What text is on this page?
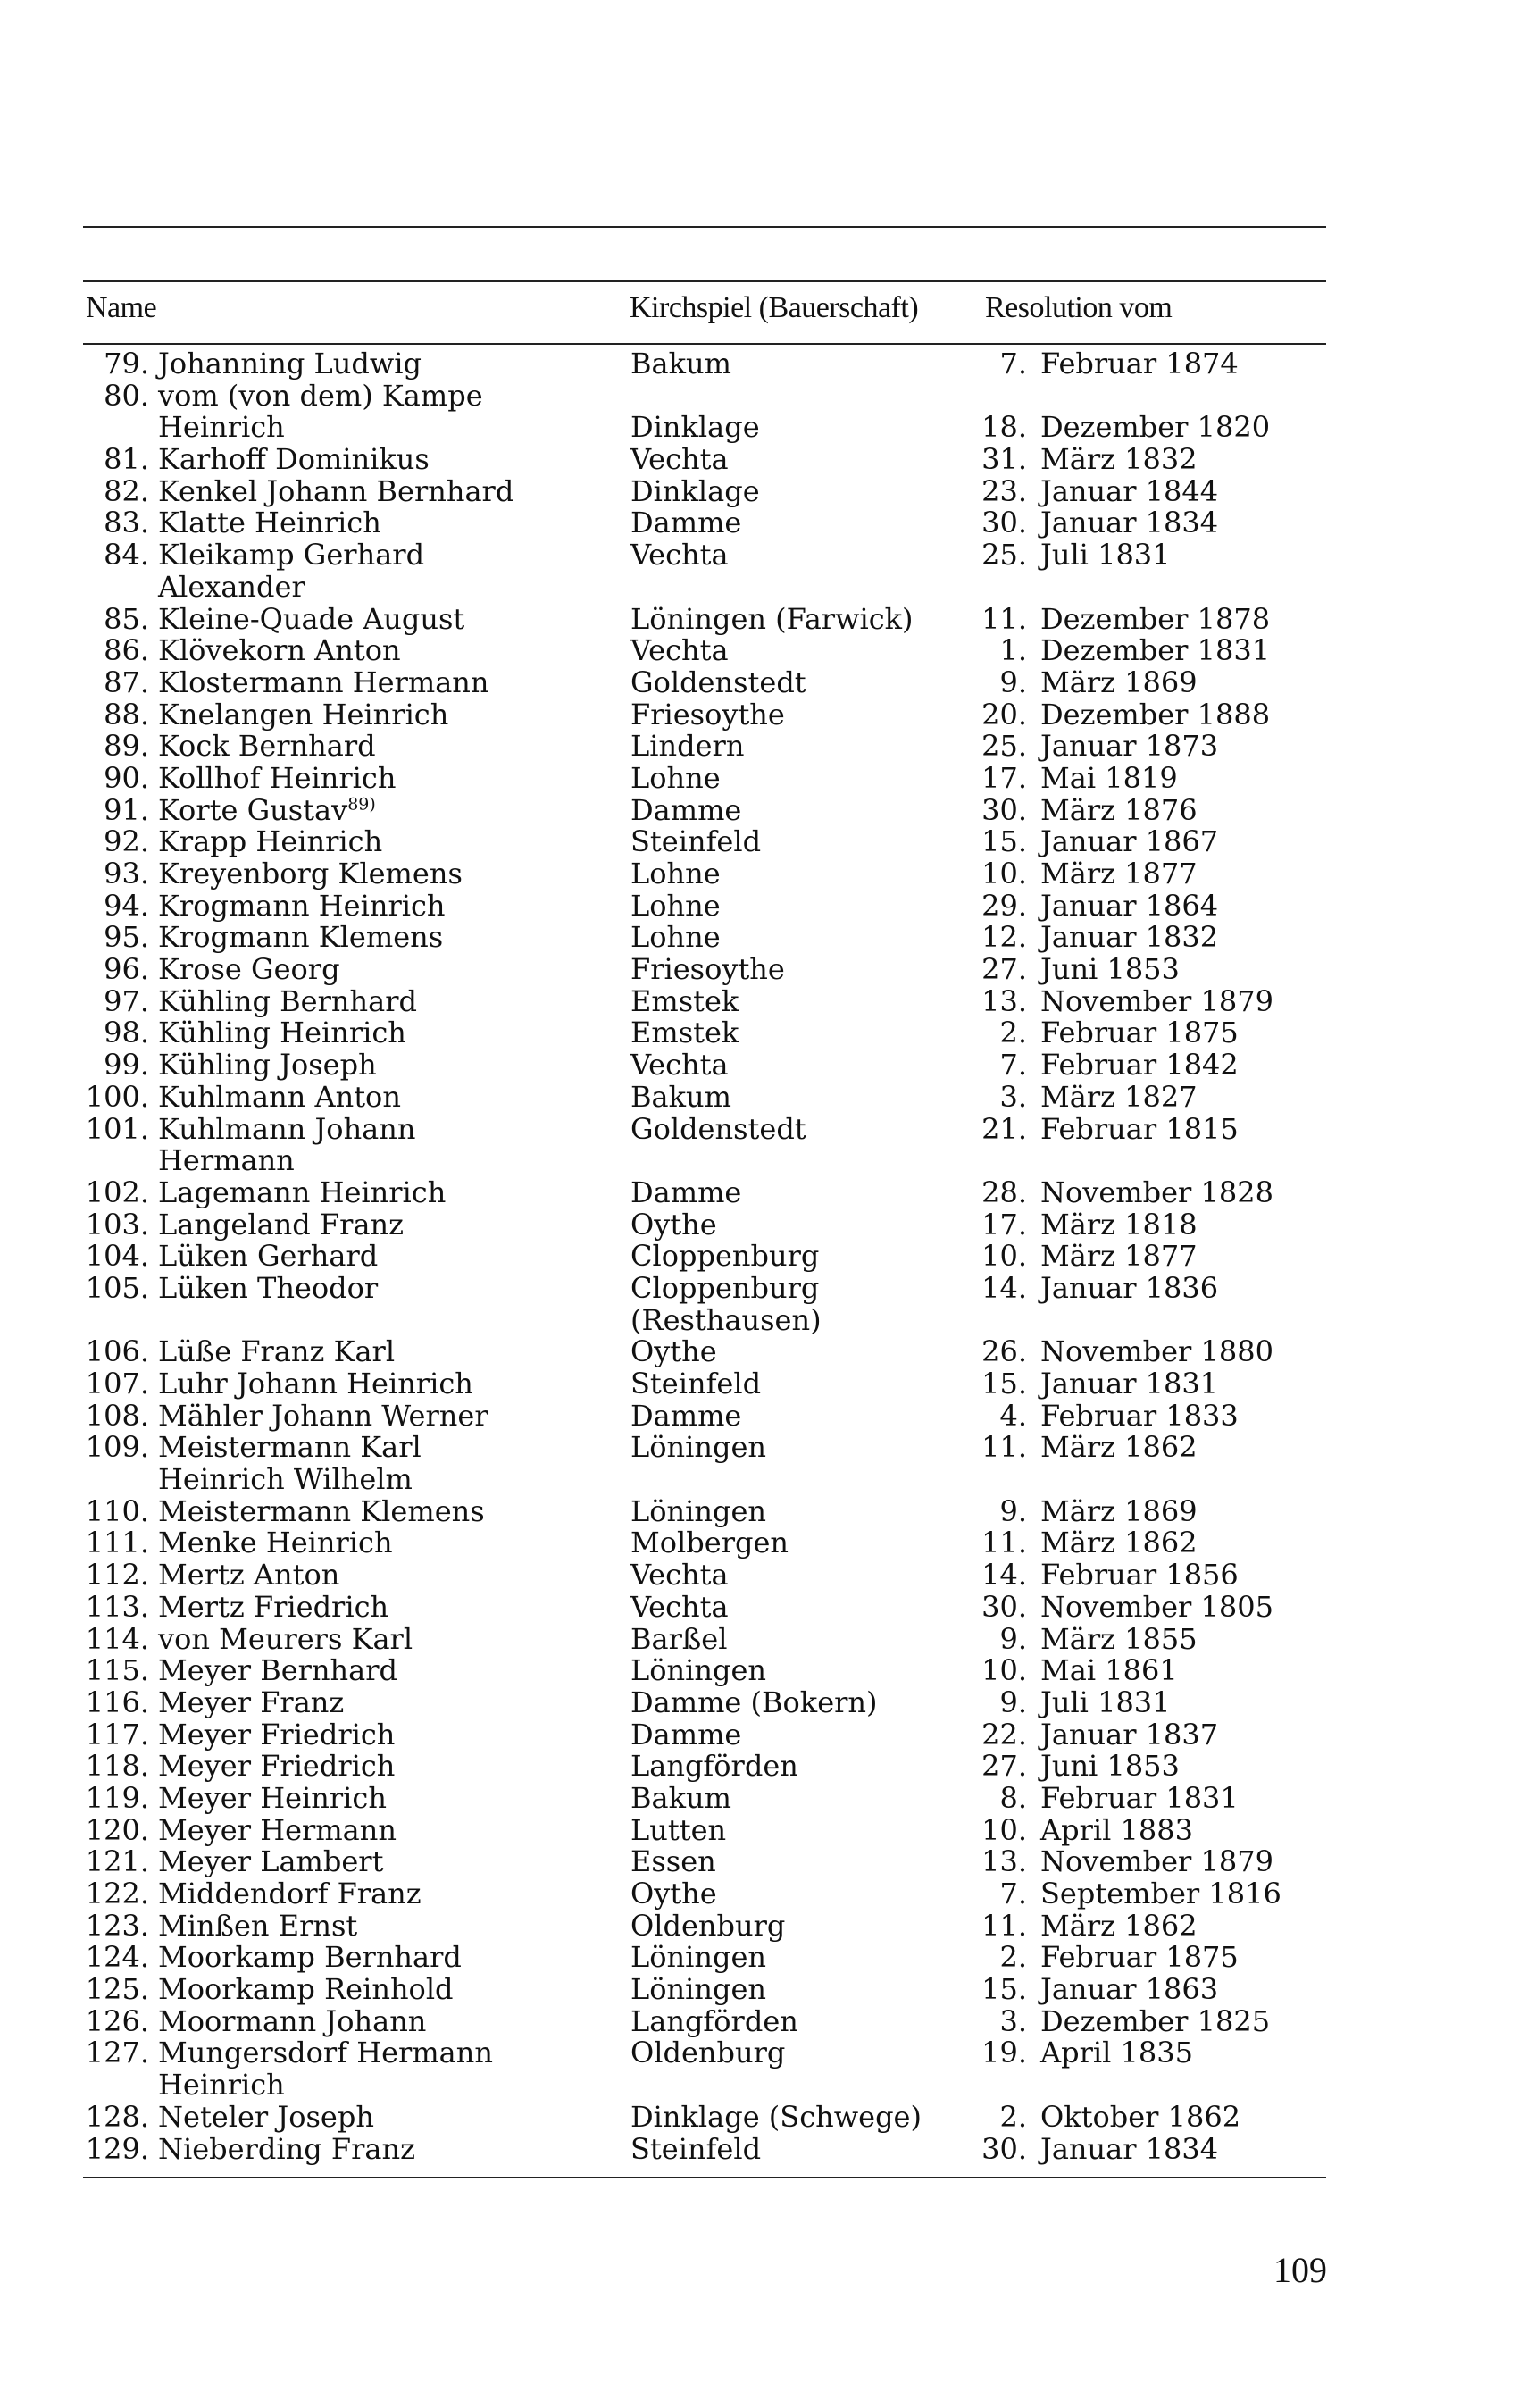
Name	Kirchspiel (Bauerschaft) Resolution vom
79. Johanning Ludwig	Bakum	7. Februar 1874
80. vom (von dem) Kampe
Heinrich	Dinklage	18. Dezember 1820
81. Karhoff Dominikus	Vechta	31. März 1832
82. Kenkel Johann Bernhard	Dinklage	23. Januar 1844
83. Klatte Heinrich	Damme	30. Januar 1834
84. Kleikamp Gerhard	Vechta	25. Juli 1831
Alexander
85. Kleine-Quade August	Löningen (Farwick) 11. Dezember 1878
86. Klövekorn Anton	Vechta	1. Dezember 1831
87. Klostermann Hermann	Goldenstedt	9. März 1869
88. Knelangen Heinrich	Friesoythe	20. Dezember 1888
89. Kock Bernhard	Lindern	25. Januar 1873
90. Kollhof Heinrich	Lohne	17. Mai 1819
91. Korte Gustav$^{89)}$	Damme	30. März 1876
92. Krapp Heinrich	Steinfeld	15. Januar 1867
93. Kreyenborg Klemens	Lohne	10. März 1877
94. Krogmann Heinrich	Lohne	29. Januar 1864
95. Krogmann Klemens	Lohne	12. Januar 1832
96. Krose Georg	Friesoythe	27. Juni 1853
97. Kühling Bernhard	Emstek	13. November 1879
98. Kühling Heinrich	Emstek	2. Februar 1875
99. Kühling Joseph	Vechta	7. Februar 1842
100. Kuhlmann Anton	Bakum	3. März 1827
101. Kuhlmann Johann	Goldenstedt	21. Februar 1815
Hermann
102. Lagemann Heinrich	Damme	28. November 1828
103. Langeland Franz	Oythe	17. März 1818
104. Lüken Gerhard	Cloppenburg	10. März 1877
105. Lüken Theodor	Cloppenburg	14. Januar 1836
(Resthausen)
106. Lüße Franz Karl	Oythe	26. November 1880
107. Luhr Johann Heinrich	Steinfeld	15. Januar 1831
108. Mähler Johann Werner	Damme	4. Februar 1833
109. Meistermann Karl	Löningen	11. März 1862
Heinrich Wilhelm
110. Meistermann Klemens	Löningen	9. März 1869
111. Menke Heinrich	Molbergen	11. März 1862
112. Mertz Anton	Vechta	14. Februar 1856
113. Mertz Friedrich	Vechta	30. November 1805
114. von Meurers Karl	Barßel	9. März 1855
115. Meyer Bernhard	Löningen	10. Mai 1861
116. Meyer Franz	Damme (Bokern)	9. Juli 1831
117. Meyer Friedrich	Damme	22. Januar 1837
118. Meyer Friedrich	Langförden	27. Juni 1853
119. Meyer Heinrich	Bakum	8. Februar 1831
120. Meyer Hermann	Lutten	10. April 1883
121. Meyer Lambert	Essen	13. November 1879
122. Middendorf Franz	Oythe	7. September 1816
123. Minßen Ernst	Oldenburg	11. März 1862
124. Moorkamp Bernhard	Löningen	2. Februar 1875
125. Moorkamp Reinhold	Löningen	15. Januar 1863
126. Moormann Johann	Langförden	3. Dezember 1825
127. Mungersdorf Hermann	Oldenburg	19. April 1835
Heinrich
128. Neteler Joseph	Dinklage (Schwege)	2. Oktober 1862
129. Nieberding Franz	Steinfeld	30. Januar 1834
109
